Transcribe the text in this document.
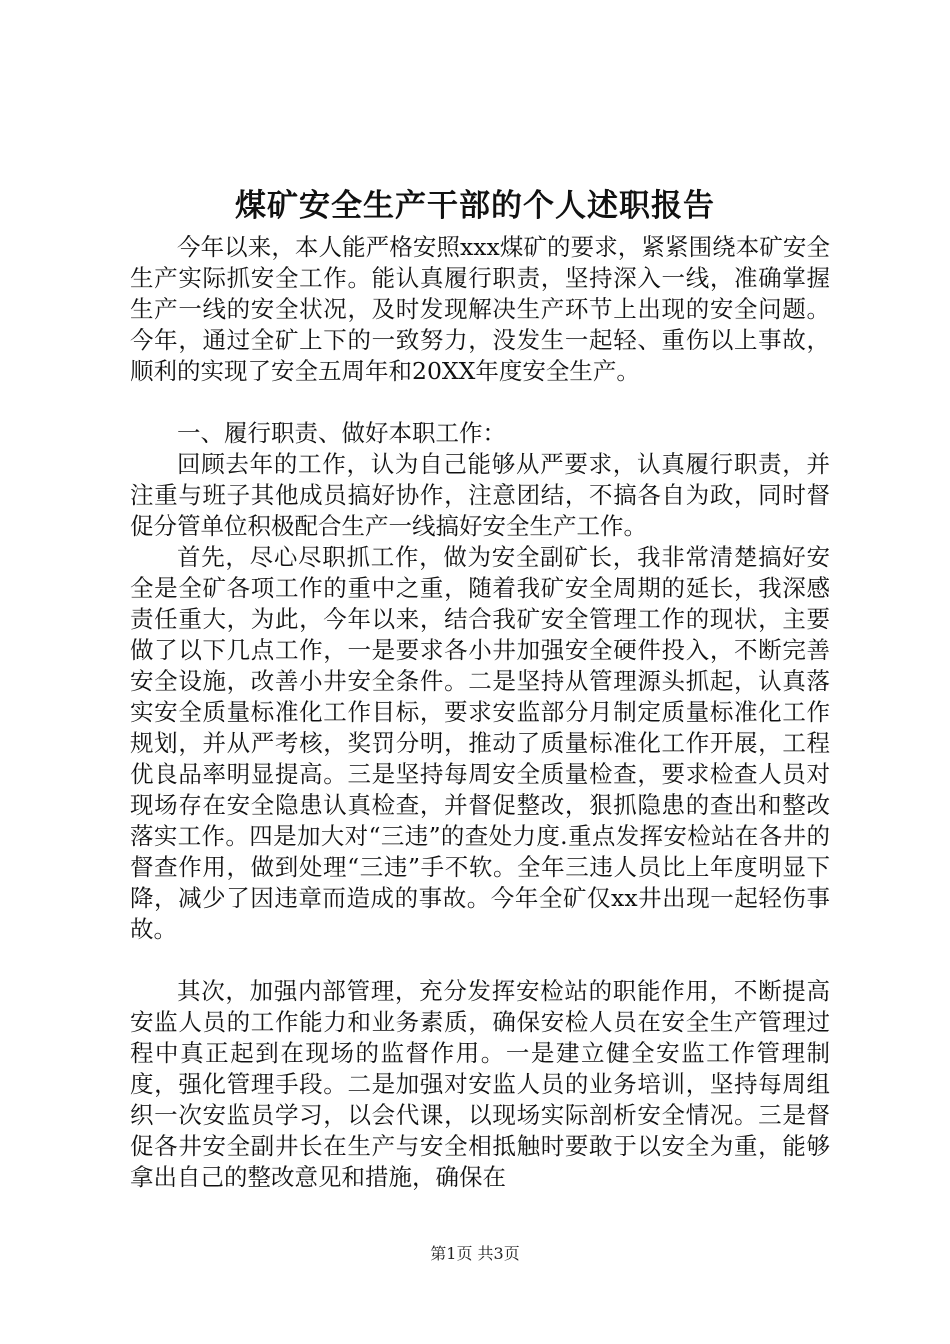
煤矿安全生产干部的个人述职报告

今年以来，本人能严格安照xxx煤矿的要求，紧紧围绕本矿安全生产实际抓安全工作。能认真履行职责，坚持深入一线，准确掌握生产一线的安全状况，及时发现解决生产环节上出现的安全问题。今年，通过全矿上下的一致努力，没发生一起轻、重伤以上事故，顺利的实现了安全五周年和20XX年度安全生产。

一、履行职责、做好本职工作：

回顾去年的工作，认为自己能够从严要求，认真履行职责，并注重与班子其他成员搞好协作，注意团结，不搞各自为政，同时督促分管单位积极配合生产一线搞好安全生产工作。

首先，尽心尽职抓工作，做为安全副矿长，我非常清楚搞好安全是全矿各项工作的重中之重，随着我矿安全周期的延长，我深感责任重大，为此，今年以来，结合我矿安全管理工作的现状，主要做了以下几点工作，一是要求各小井加强安全硬件投入，不断完善安全设施，改善小井安全条件。二是坚持从管理源头抓起，认真落实安全质量标准化工作目标，要求安监部分月制定质量标准化工作规划，并从严考核，奖罚分明，推动了质量标准化工作开展，工程优良品率明显提高。三是坚持每周安全质量检查，要求检查人员对现场存在安全隐患认真检查，并督促整改，狠抓隐患的查出和整改落实工作。四是加大对“三违”的查处力度.重点发挥安检站在各井的督查作用，做到处理“三违”手不软。全年三违人员比上年度明显下降，减少了因违章而造成的事故。今年全矿仅xx井出现一起轻伤事故。

其次，加强内部管理，充分发挥安检站的职能作用，不断提高安监人员的工作能力和业务素质，确保安检人员在安全生产管理过程中真正起到在现场的监督作用。一是建立健全安监工作管理制度，强化管理手段。二是加强对安监人员的业务培训，坚持每周组织一次安监员学习，以会代课，以现场实际剖析安全情况。三是督促各井安全副井长在生产与安全相抵触时要敢于以安全为重，能够拿出自己的整改意见和措施，确保在

第1页 共3页
